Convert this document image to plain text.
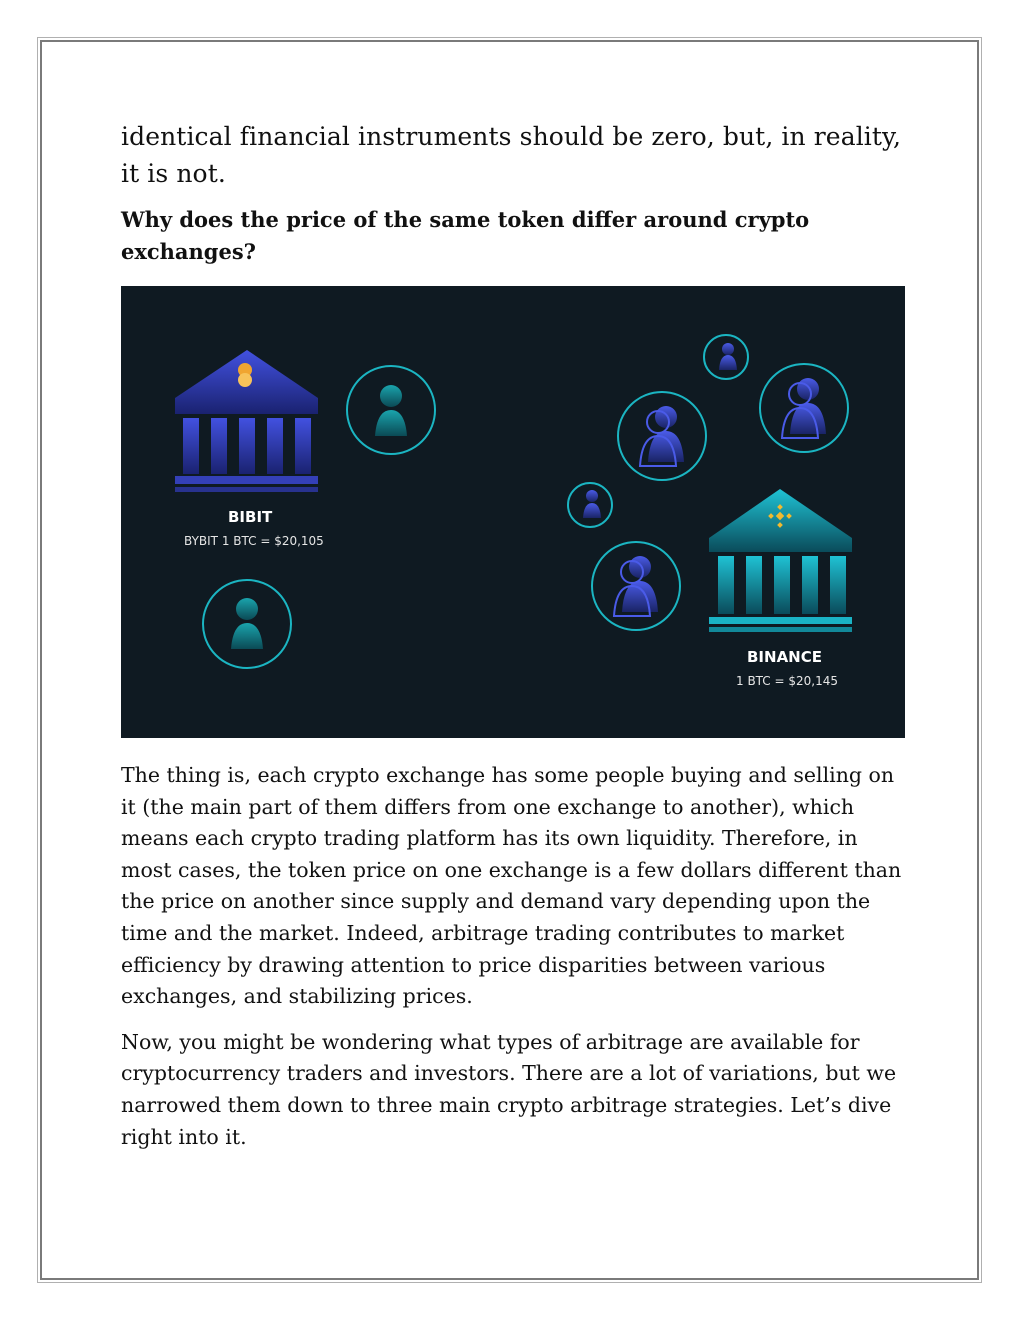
identical financial instruments should be zero, but, in reality, it is not.

Why does the price of the same token differ around crypto exchanges?

BIBIT
BYBIT 1 BTC = $20,105
BINANCE
1 BTC = $20,145

The thing is, each crypto exchange has some people buying and selling on it (the main part of them differs from one exchange to another), which means each crypto trading platform has its own liquidity. Therefore, in most cases, the token price on one exchange is a few dollars different than the price on another since supply and demand vary depending upon the time and the market. Indeed, arbitrage trading contributes to market efficiency by drawing attention to price disparities between various exchanges, and stabilizing prices.

Now, you might be wondering what types of arbitrage are available for cryptocurrency traders and investors. There are a lot of variations, but we narrowed them down to three main crypto arbitrage strategies. Let’s dive right into it.
